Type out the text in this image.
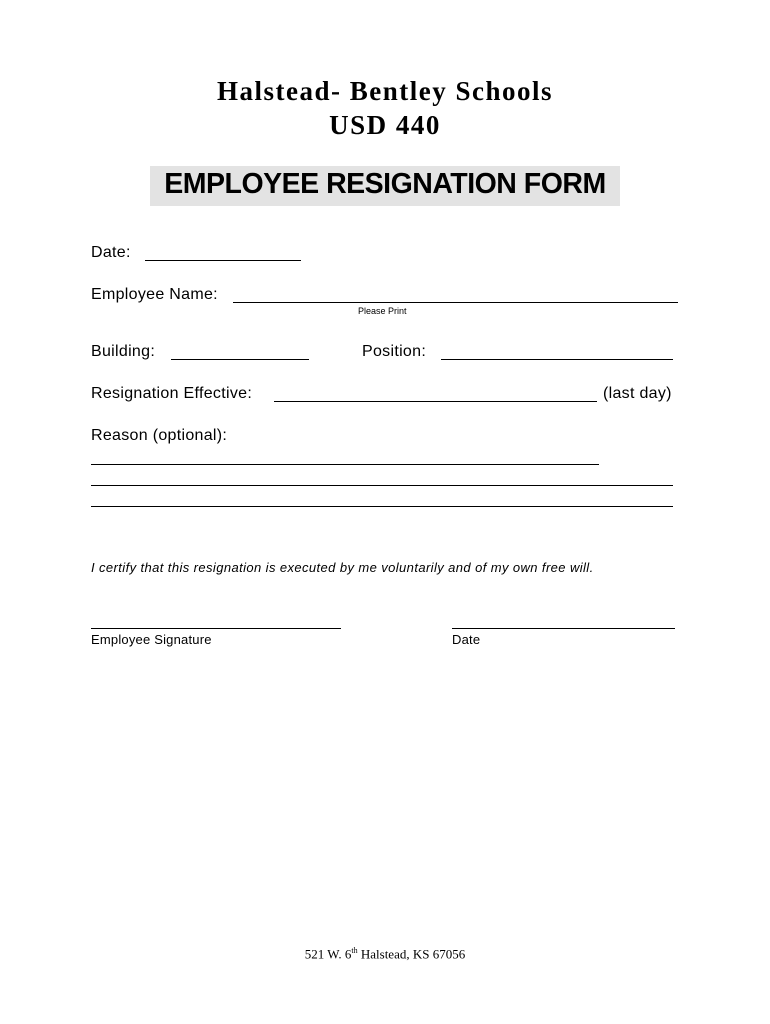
Halstead- Bentley Schools
USD 440
EMPLOYEE RESIGNATION FORM
Date:
Employee Name:
Please Print
Building:	Position:
Resignation Effective:	(last day)
Reason (optional):
I certify that this resignation is executed by me voluntarily and of my own free will.
Employee Signature	Date
521 W. 6th Halstead, KS 67056
